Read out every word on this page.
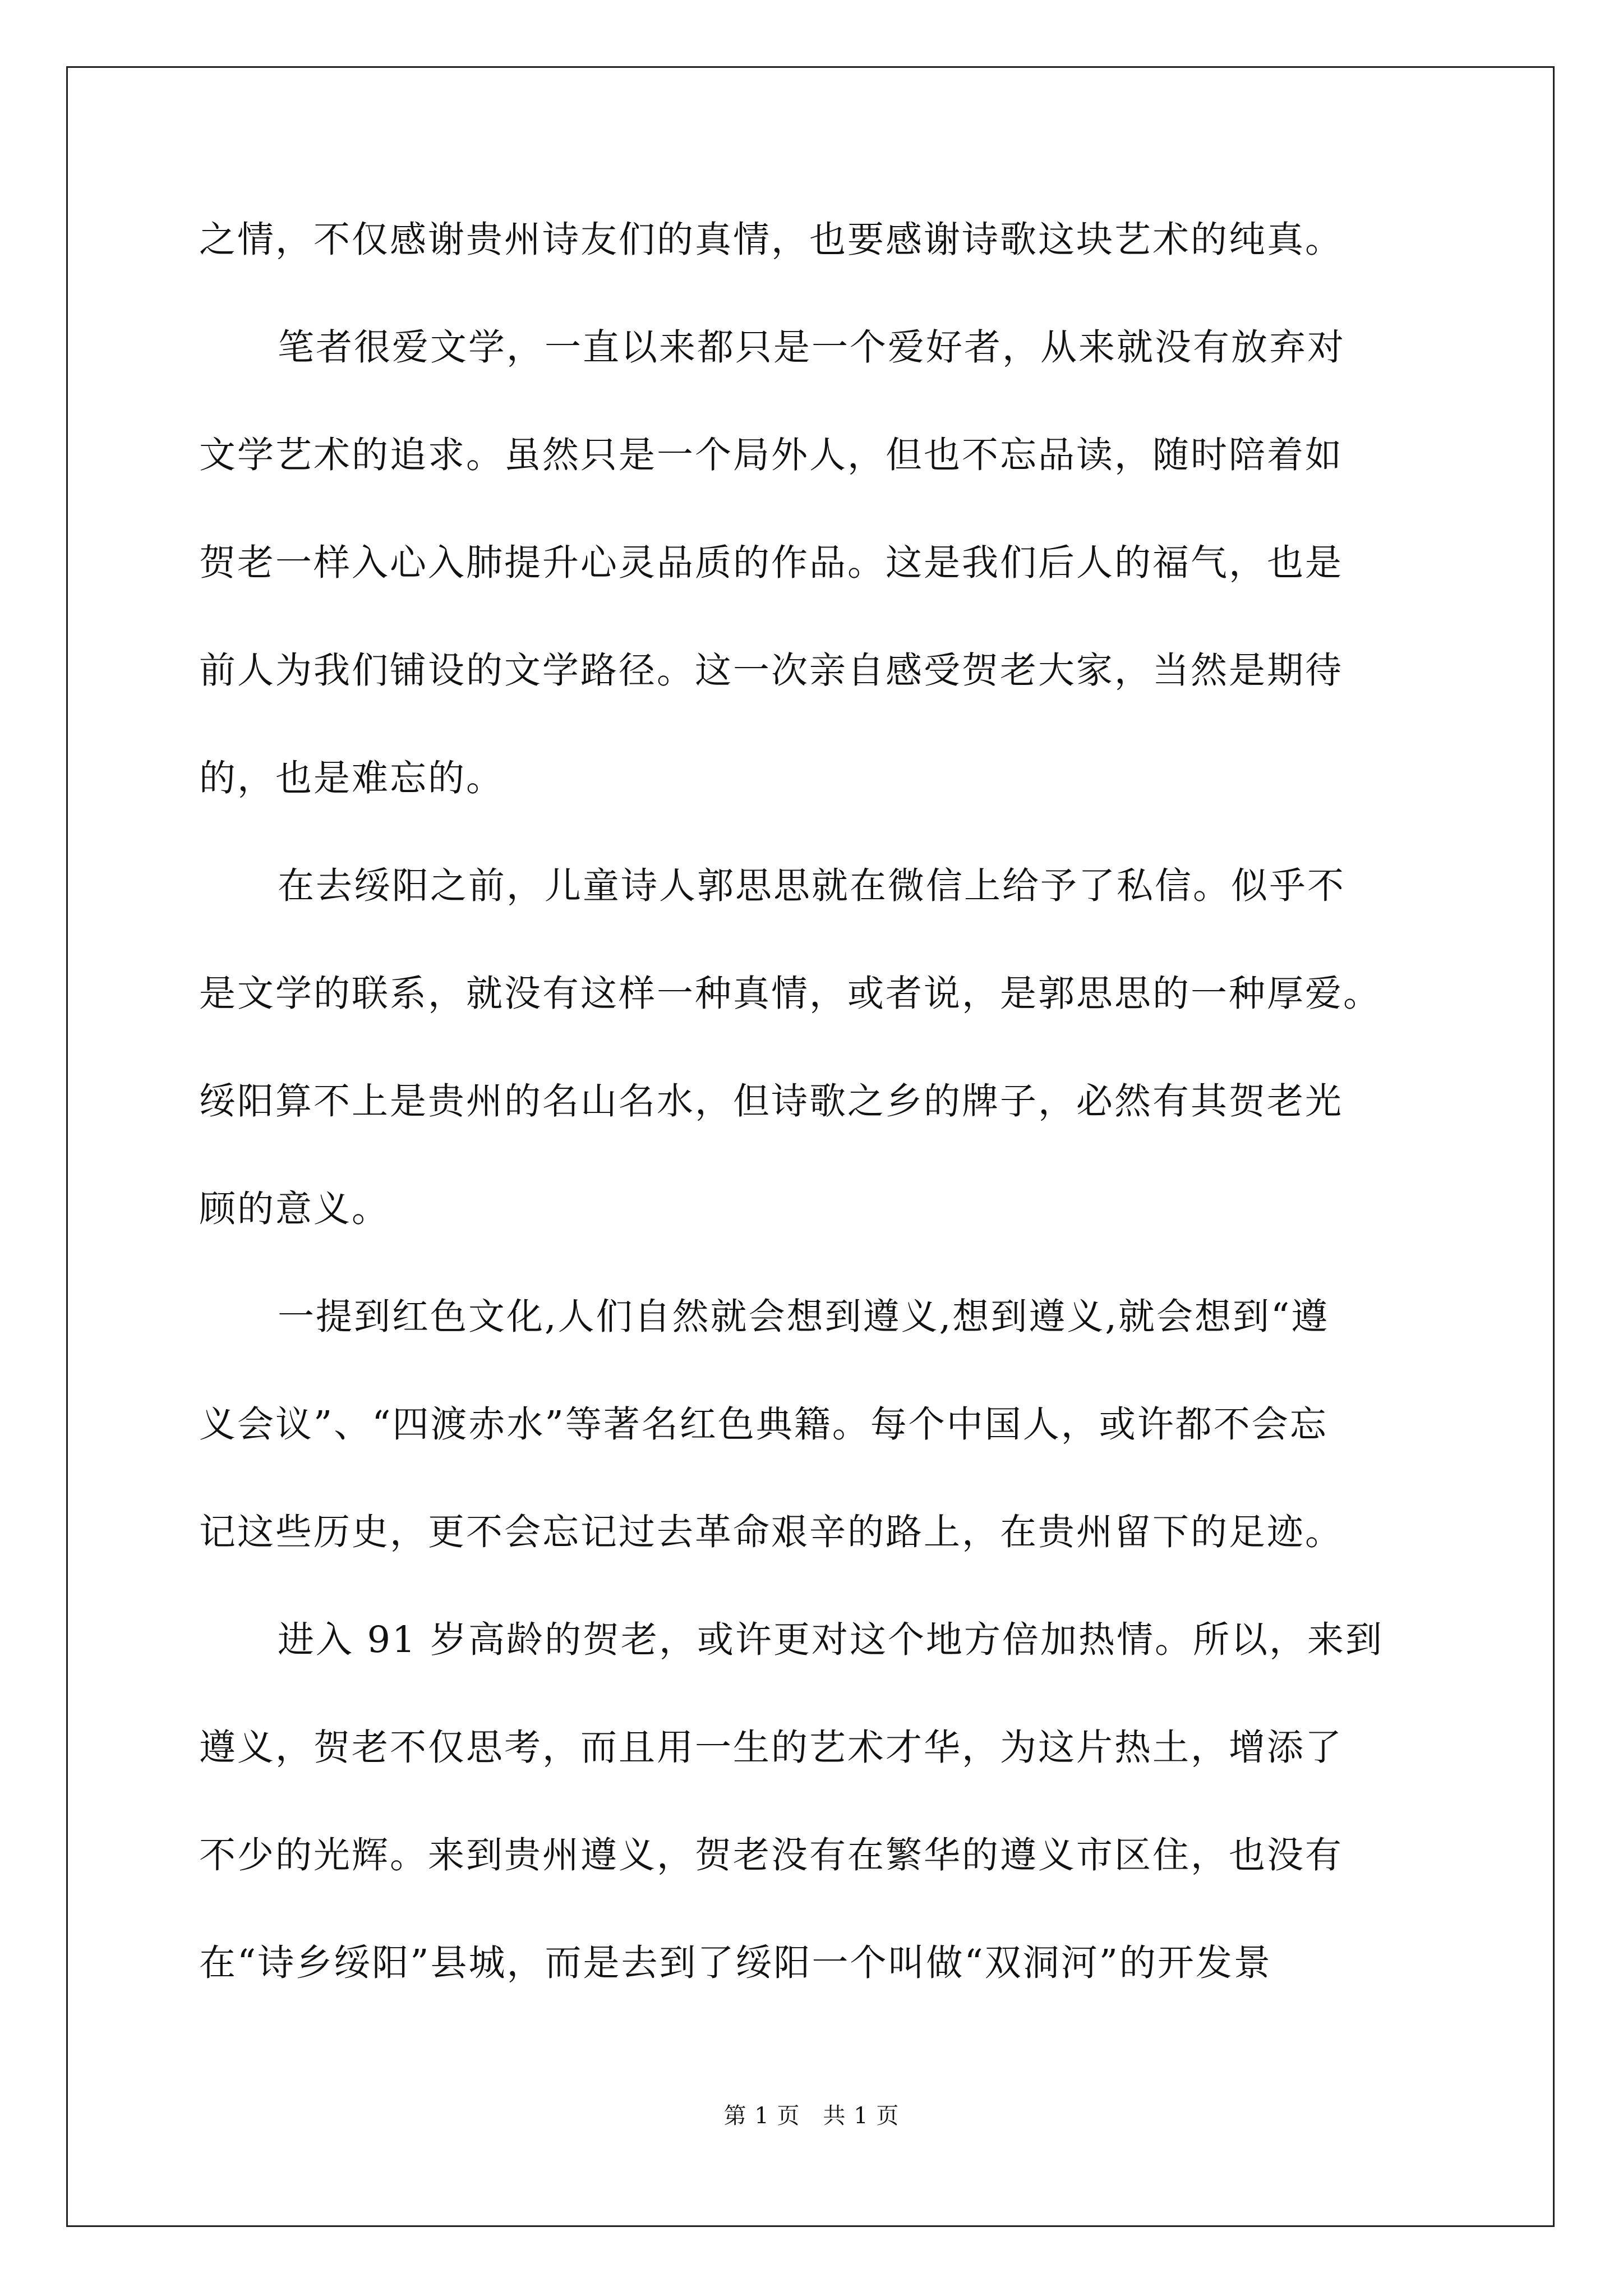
之情，不仅感谢贵州诗友们的真情，也要感谢诗歌这块艺术的纯真。
笔者很爱文学，一直以来都只是一个爱好者，从来就没有放弃对
文学艺术的追求。虽然只是一个局外人，但也不忘品读，随时陪着如
贺老一样入心入肺提升心灵品质的作品。这是我们后人的福气，也是
前人为我们铺设的文学路径。这一次亲自感受贺老大家，当然是期待
的，也是难忘的。
在去绥阳之前，儿童诗人郭思思就在微信上给予了私信。似乎不
是文学的联系，就没有这样一种真情，或者说，是郭思思的一种厚爱。
绥阳算不上是贵州的名山名水，但诗歌之乡的牌子，必然有其贺老光
顾的意义。
一提到红色文化,人们自然就会想到遵义,想到遵义,就会想到“遵
义会议”、“四渡赤水”等著名红色典籍。每个中国人，或许都不会忘
记这些历史，更不会忘记过去革命艰辛的路上，在贵州留下的足迹。
进入 91 岁高龄的贺老，或许更对这个地方倍加热情。所以，来到
遵义，贺老不仅思考，而且用一生的艺术才华，为这片热土，增添了
不少的光辉。来到贵州遵义，贺老没有在繁华的遵义市区住，也没有
在“诗乡绥阳”县城，而是去到了绥阳一个叫做“双洞河”的开发景
第 1 页　共 1 页
